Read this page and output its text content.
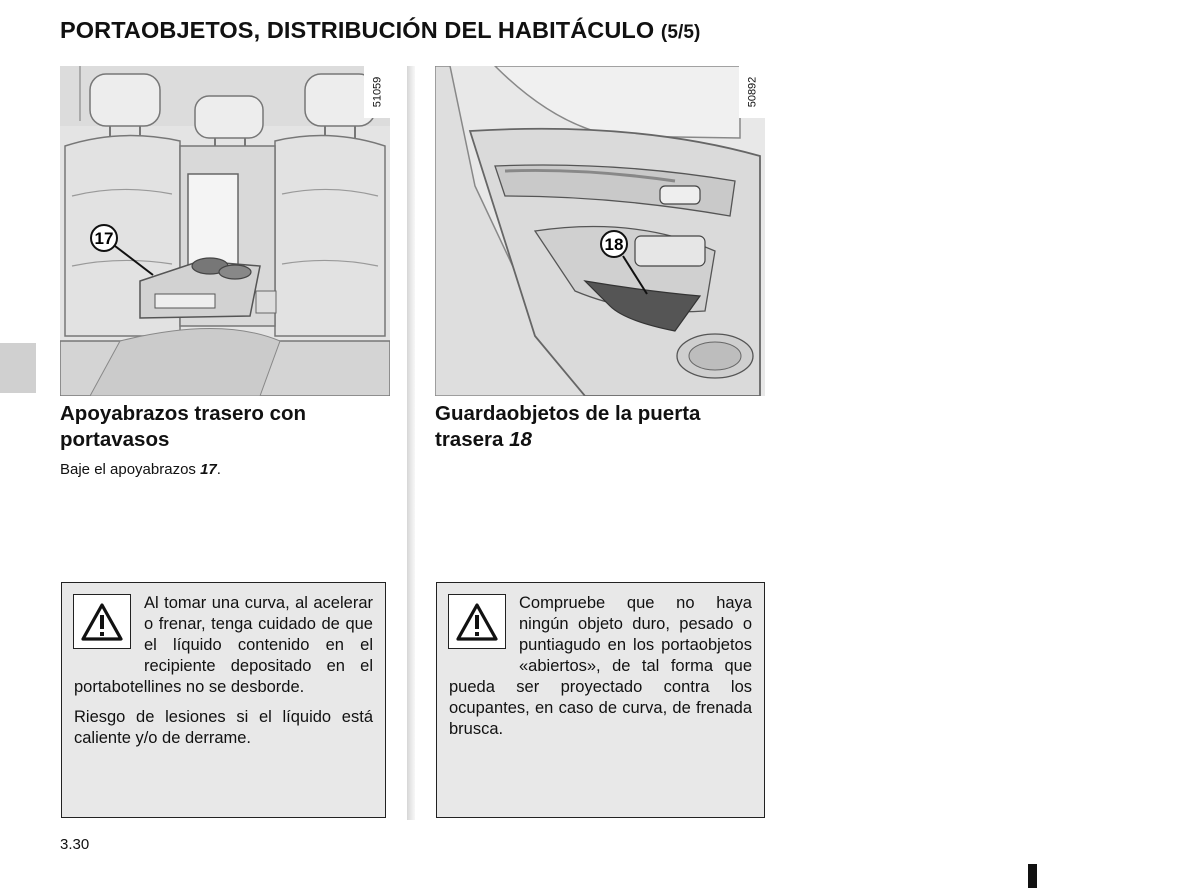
PORTAOBJETOS, DISTRIBUCIÓN DEL HABITÁCULO (5/5)
17
51059
18
50892
Apoyabrazos trasero con portavasos
Guardaobjetos de la puerta trasera 18
Baje el apoyabrazos 17.

Al tomar una curva, al acelerar o frenar, tenga cuidado de que el líquido contenido en el recipiente depositado en el portabotellines no se desborde.

Riesgo de lesiones si el líquido está caliente y/o de derrame.

Compruebe que no haya ningún objeto duro, pesado o puntiagudo en los portaobjetos «abiertos», de tal forma que pueda ser proyectado contra los ocupantes, en caso de curva, de frenada brusca.

3.30
